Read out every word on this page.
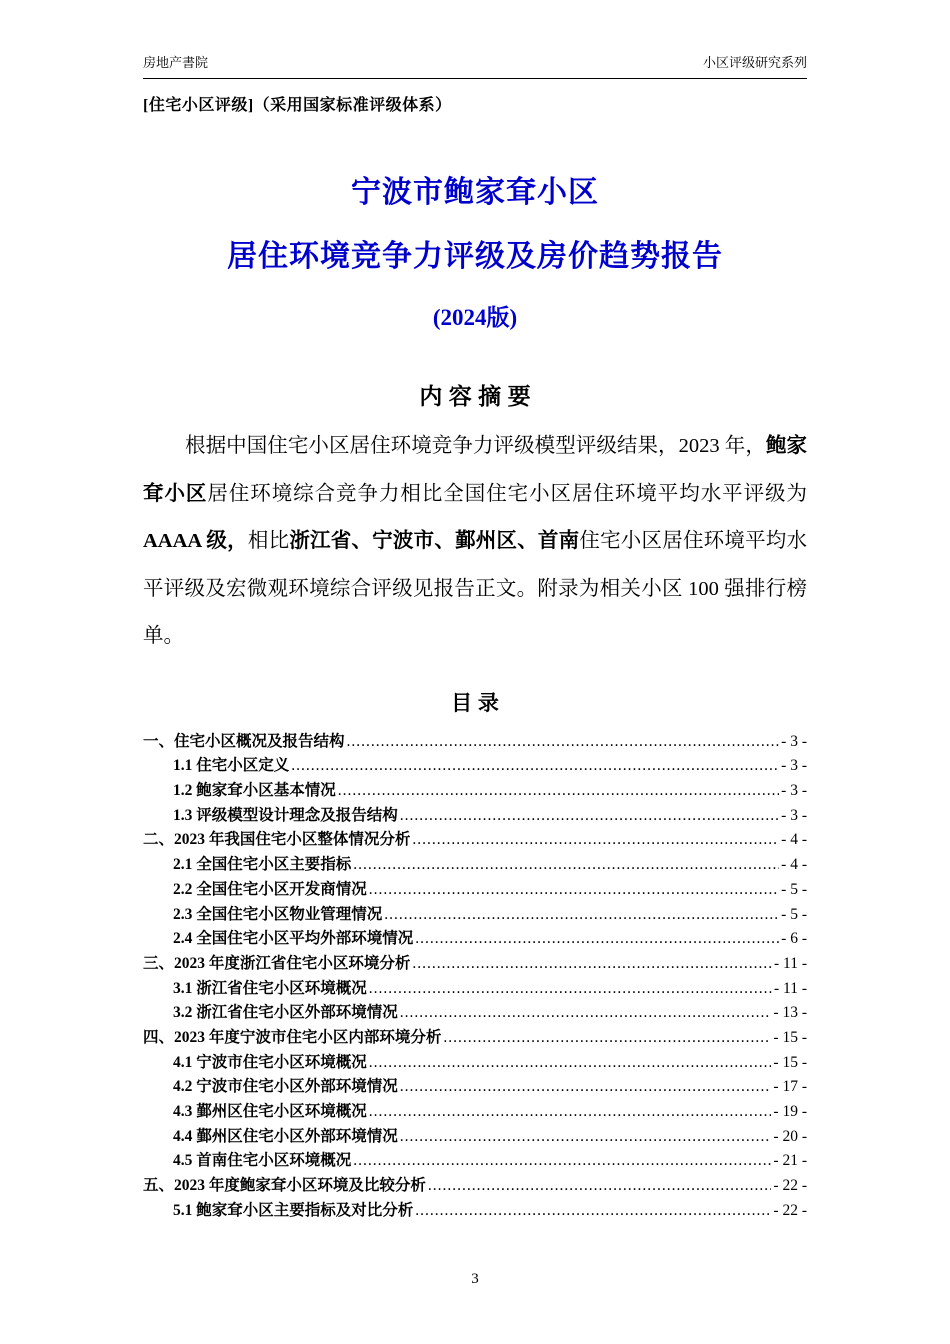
房地产書院	小区评级研究系列
[住宅小区评级]（采用国家标准评级体系）
宁波市鲍家耷小区
居住环境竞争力评级及房价趋势报告
(2024版)
内 容 摘 要

根据中国住宅小区居住环境竞争力评级模型评级结果，2023 年，鲍家耷小区居住环境综合竞争力相比全国住宅小区居住环境平均水平评级为 AAAA 级，相比浙江省、宁波市、鄞州区、首南住宅小区居住环境平均水平评级及宏微观环境综合评级见报告正文。附录为相关小区 100 强排行榜单。

目 录
一、住宅小区概况及报告结构 .....	- 3 -
1.1 住宅小区定义 .....	- 3 -
1.2 鲍家耷小区基本情况 .....	- 3 -
1.3 评级模型设计理念及报告结构 .....	- 3 -
二、2023 年我国住宅小区整体情况分析 .....	- 4 -
2.1 全国住宅小区主要指标 .....	- 4 -
2.2 全国住宅小区开发商情况 .....	- 5 -
2.3 全国住宅小区物业管理情况 .....	- 5 -
2.4 全国住宅小区平均外部环境情况 .....	- 6 -
三、2023 年度浙江省住宅小区环境分析 .....	- 11 -
3.1 浙江省住宅小区环境概况 .....	- 11 -
3.2 浙江省住宅小区外部环境情况 .....	- 13 -
四、2023 年度宁波市住宅小区内部环境分析 .....	- 15 -
4.1 宁波市住宅小区环境概况 .....	- 15 -
4.2 宁波市住宅小区外部环境情况 .....	- 17 -
4.3 鄞州区住宅小区环境概况 .....	- 19 -
4.4 鄞州区住宅小区外部环境情况 .....	- 20 -
4.5 首南住宅小区环境概况 .....	- 21 -
五、2023 年度鲍家耷小区环境及比较分析 .....	- 22 -
5.1 鲍家耷小区主要指标及对比分析 .....	- 22 -
3
